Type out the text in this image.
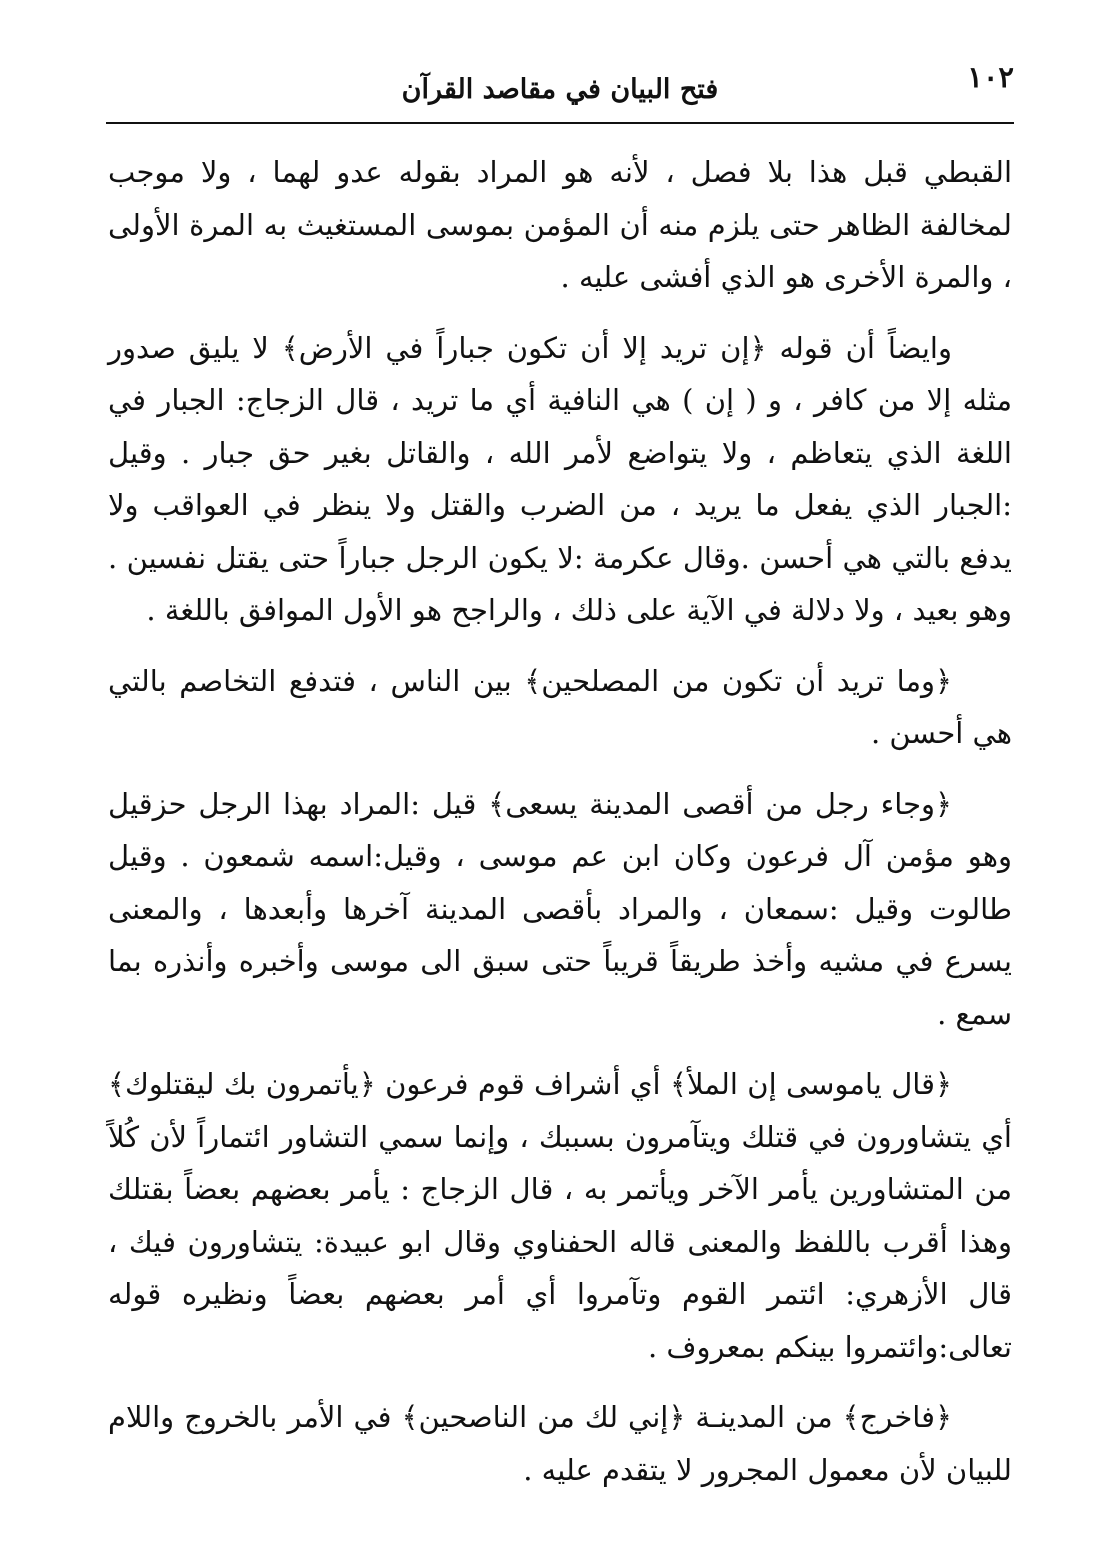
١٠٢
فتح البيان في مقاصد القرآن

القبطي قبل هذا بلا فصل ، لأنه هو المراد بقوله عدو لهما ، ولا موجب لمخالفة الظاهر حتى يلزم منه أن المؤمن بموسى المستغيث به المرة الأولى ، والمرة الأخرى هو الذي أفشى عليه .

وايضاً أن قوله ﴿إن تريد إلا أن تكون جباراً في الأرض﴾ لا يليق صدور مثله إلا من كافر ، و ( إن ) هي النافية أي ما تريد ، قال الزجاج: الجبار في اللغة الذي يتعاظم ، ولا يتواضع لأمر الله ، والقاتل بغير حق جبار . وقيل :الجبار الذي يفعل ما يريد ، من الضرب والقتل ولا ينظر في العواقب ولا يدفع بالتي هي أحسن .وقال عكرمة :لا يكون الرجل جباراً حتى يقتل نفسين . وهو بعيد ، ولا دلالة في الآية على ذلك ، والراجح هو الأول الموافق باللغة .

﴿وما تريد أن تكون من المصلحين﴾ بين الناس ، فتدفع التخاصم بالتي هي أحسن .

﴿وجاء رجل من أقصى المدينة يسعى﴾ قيل :المراد بهذا الرجل حزقيل وهو مؤمن آل فرعون وكان ابن عم موسى ، وقيل:اسمه شمعون . وقيل طالوت وقيل :سمعان ، والمراد بأقصى المدينة آخرها وأبعدها ، والمعنى يسرع في مشيه وأخذ طريقاً قريباً حتى سبق الى موسى وأخبره وأنذره بما سمع .

﴿قال ياموسى إن الملأ﴾ أي أشراف قوم فرعون ﴿يأتمرون بك ليقتلوك﴾ أي يتشاورون في قتلك ويتآمرون بسببك ، وإنما سمي التشاور ائتماراً لأن كُلاً من المتشاورين يأمر الآخر ويأتمر به ، قال الزجاج : يأمر بعضهم بعضاً بقتلك وهذا أقرب باللفظ والمعنى قاله الحفناوي وقال ابو عبيدة: يتشاورون فيك ، قال الأزهري: ائتمر القوم وتآمروا أي أمر بعضهم بعضاً ونظيره قوله تعالى:وائتمروا بينكم بمعروف .

﴿فاخرج﴾ من المدينـة ﴿إني لك من الناصحين﴾ في الأمر بالخروج واللام للبيان لأن معمول المجرور لا يتقدم عليه .
